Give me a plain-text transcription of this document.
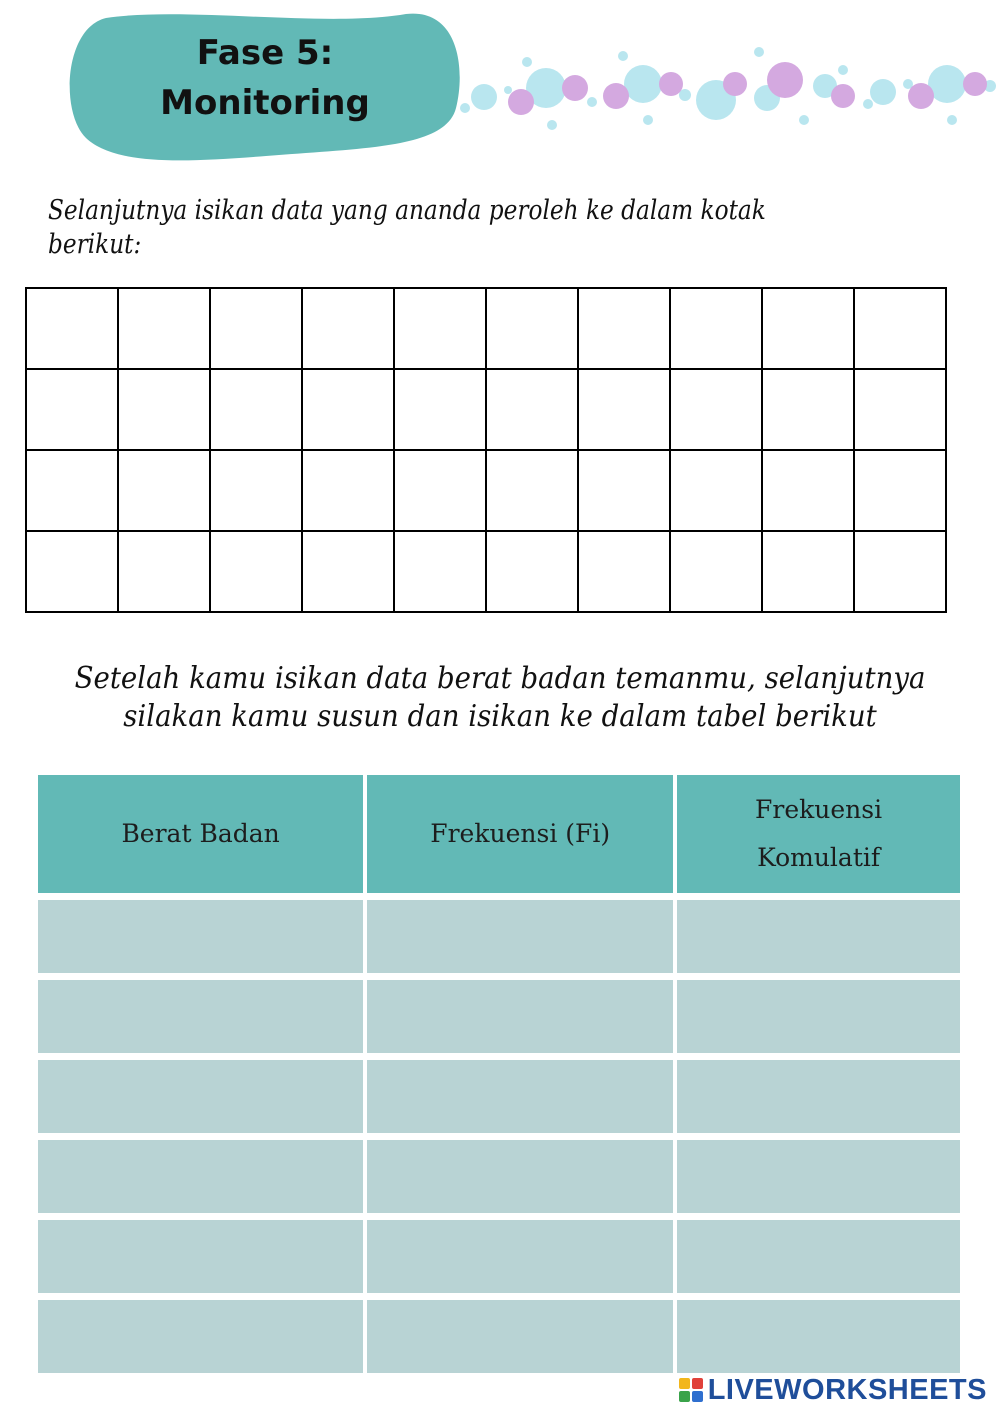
Fase 5:
Monitoring
Selanjutnya isikan data yang ananda peroleh ke dalam kotak
berikut:

Setelah kamu isikan data berat badan temanmu, selanjutnya
silakan kamu susun dan isikan ke dalam tabel berikut
Berat Badan	Frekuensi (Fi)	Frekuensi
Komulatif

LIVEWORKSHEETS
